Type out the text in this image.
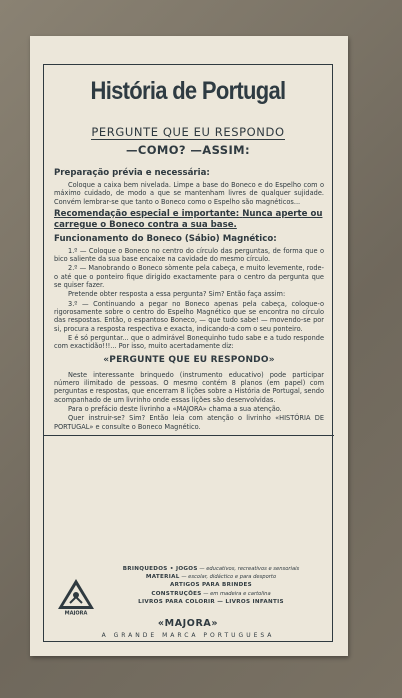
História de Portugal
PERGUNTE QUE EU RESPONDO
—COMO? —ASSIM:
Preparação prévia e necessária:

Coloque a caixa bem nivelada. Limpe a base do Boneco e do Espelho com o máximo cuidado, de modo a que se mantenham livres de qualquer sujidade. Convém lembrar-se que tanto o Boneco como o Espelho são magnéticos...

Recomendação especial e importante: Nunca aperte ou carregue o Boneco contra a sua base.
Funcionamento do Boneco (Sábio) Magnético:

1.º — Coloque o Boneco no centro do círculo das perguntas, de forma que o bico saliente da sua base encaixe na cavidade do mesmo círculo.

2.º — Manobrando o Boneco sòmente pela cabeça, e muito levemente, rode-o até que o ponteiro fique dirigido exactamente para o centro da pergunta que se quiser fazer.

Pretende obter resposta a essa pergunta? Sim? Então faça assim:

3.º — Continuando a pegar no Boneco apenas pela cabeça, coloque-o rigorosamente sobre o centro do Espelho Magnético que se encontra no círculo das respostas. Então, o espantoso Boneco, — que tudo sabe! — movendo-se por si, procura a resposta respectiva e exacta, indicando-a com o seu ponteiro.

E é só perguntar... que o admirável Bonequinho tudo sabe e a tudo responde com exactidão!!!... Por isso, muito acertadamente diz:

«PERGUNTE QUE EU RESPONDO»

Neste interessante brinquedo (instrumento educativo) pode participar número ilimitado de pessoas. O mesmo contém 8 planos (em papel) com perguntas e respostas, que encerram 8 lições sobre a História de Portugal, sendo acompanhado de um livrinho onde essas lições são desenvolvidas.

Para o prefácio deste livrinho a «MAJORA» chama a sua atenção.

Quer instruir-se? Sim? Então leia com atenção o livrinho «HISTÓRIA DE PORTUGAL» e consulte o Boneco Magnético.

MAJORA
BRINQUEDOS • JOGOS — educativos, recreativos e sensoriais
MATERIAL — escolar, didáctico e para desporto
ARTIGOS PARA BRINDES
CONSTRUÇÕES — em madeira e cartolina
LIVROS PARA COLORIR — LIVROS INFANTIS
«MAJORA»
A GRANDE MARCA PORTUGUESA
